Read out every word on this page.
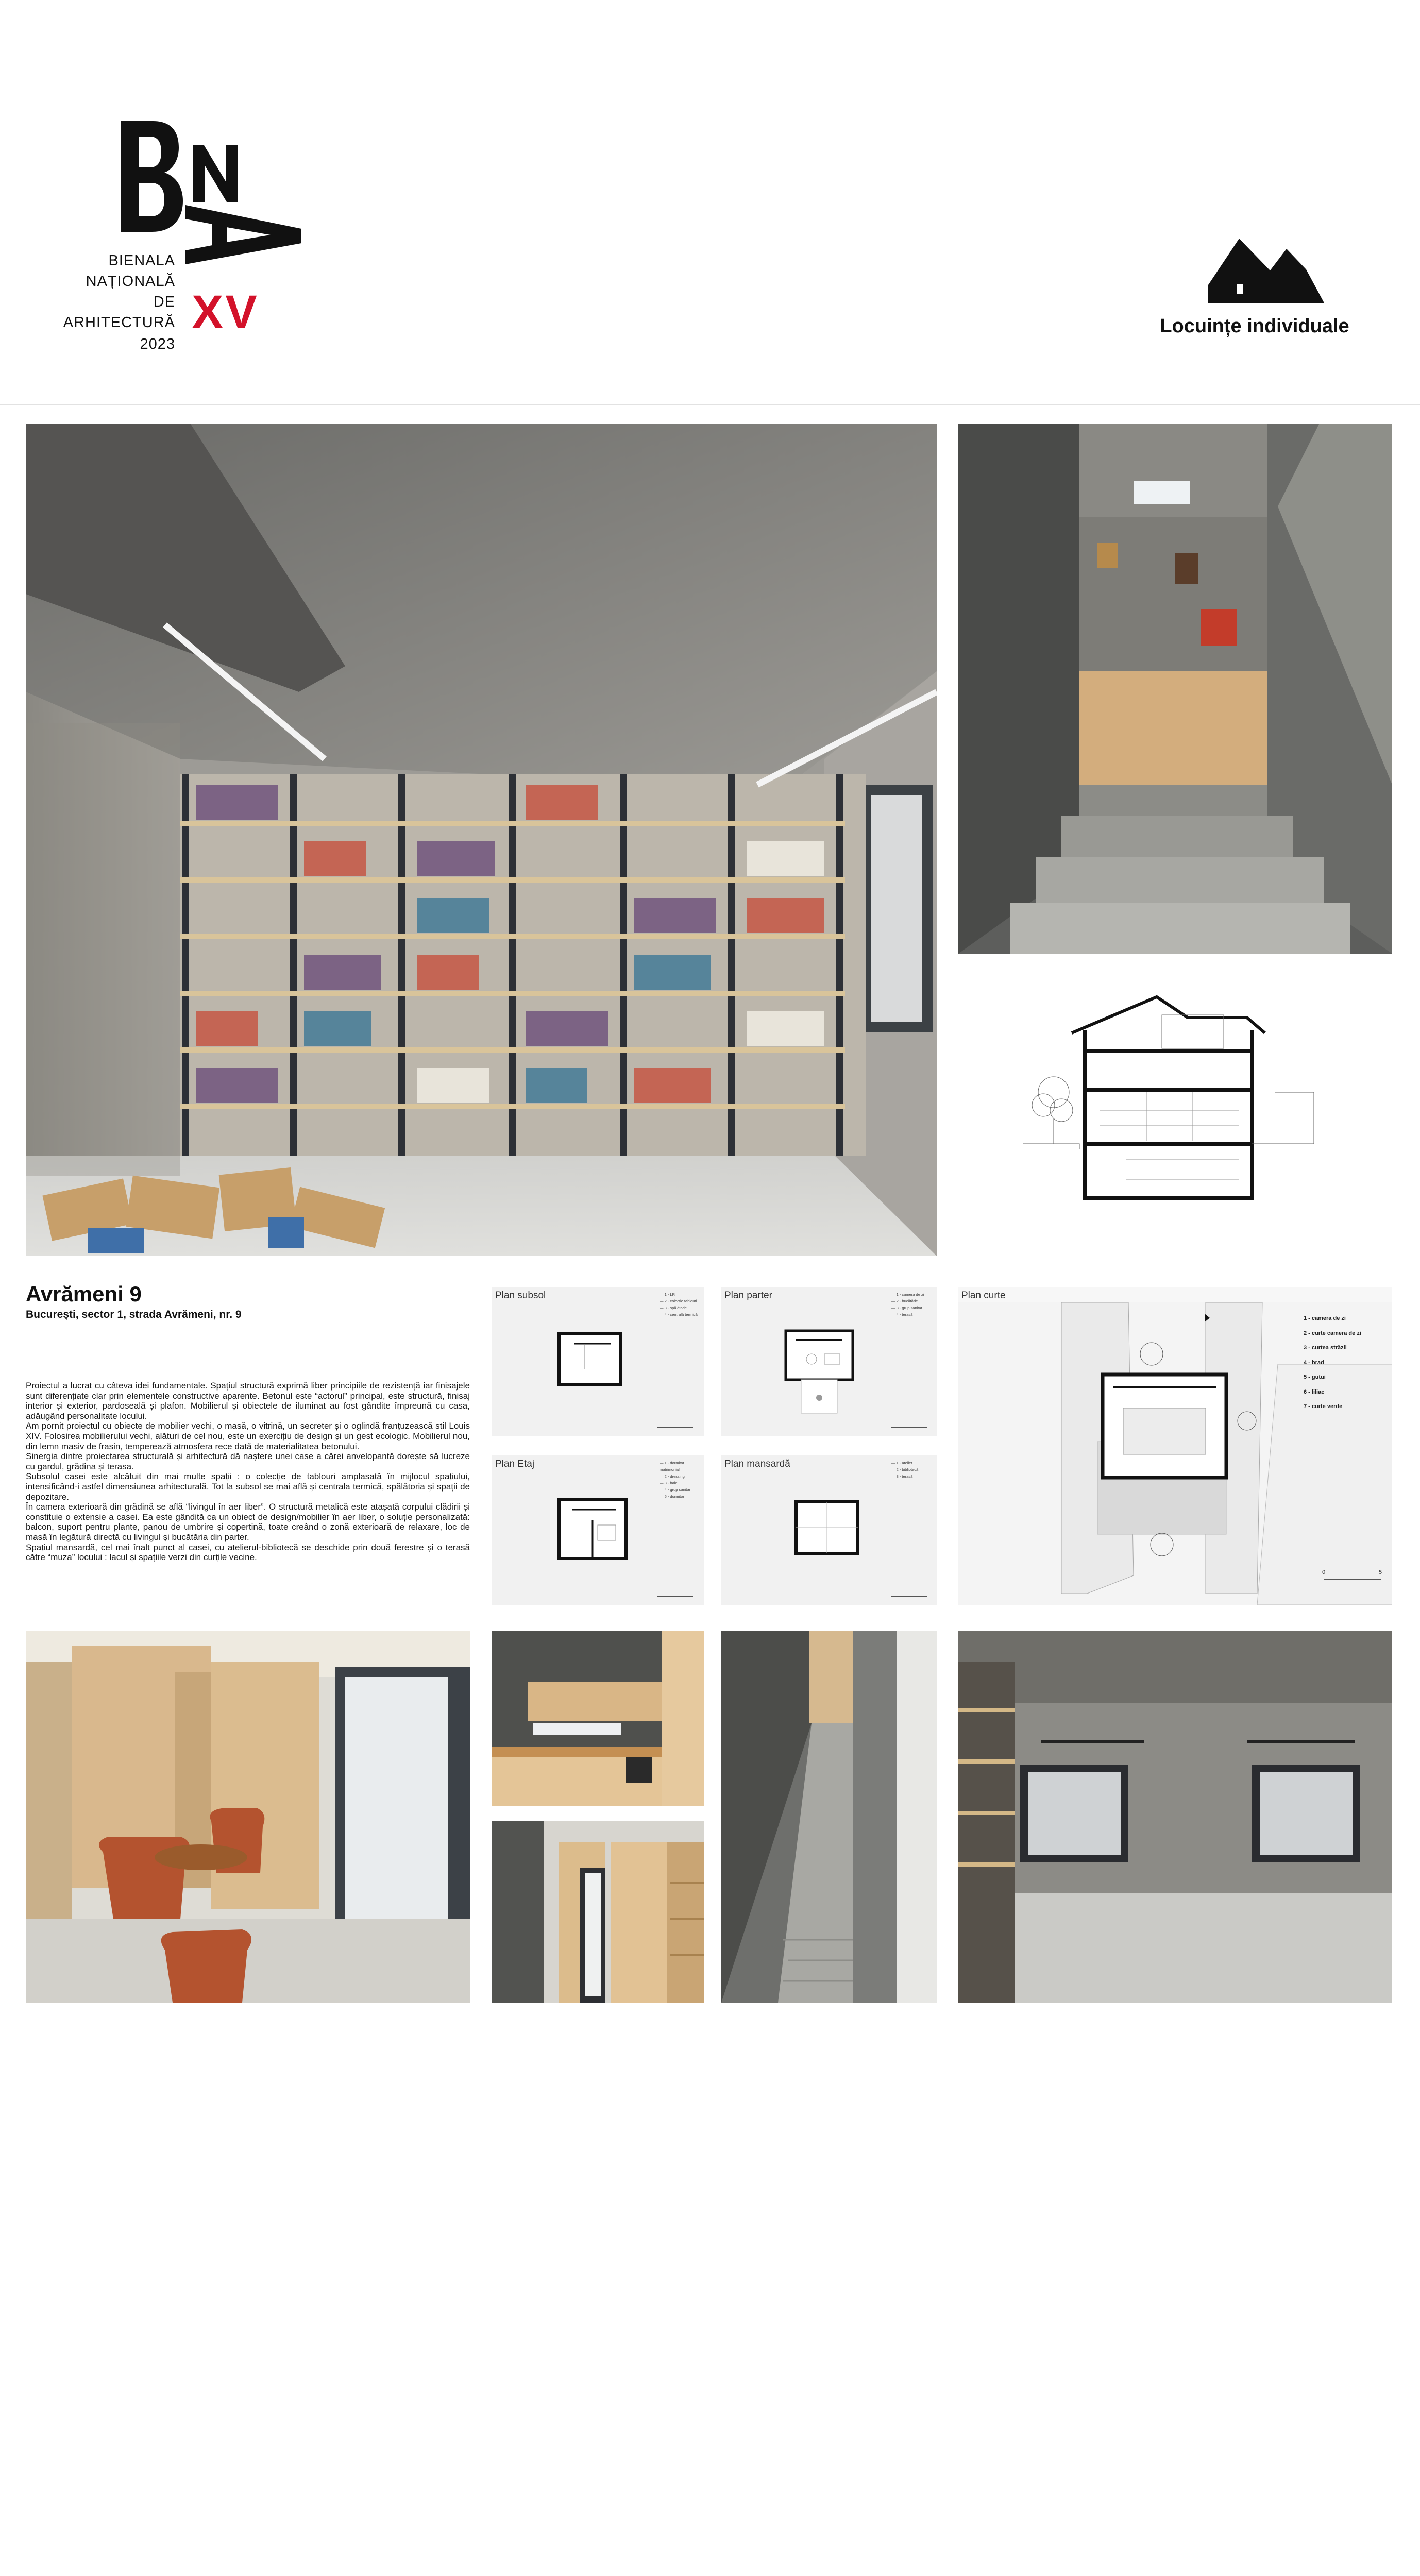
BIENALA
NAȚIONALĂ
DE
ARHITECTURĂ
2023
XV	Locuințe individuale
Avrămeni 9
București, sector 1, strada Avrămeni, nr. 9

Proiectul a lucrat cu câteva idei fundamentale. Spațiul structură exprimă liber principiile de rezistență iar finisajele sunt diferențiate clar prin elementele constructive aparente. Betonul este “actorul” principal, este structură, finisaj interior și exterior, pardoseală și plafon. Mobilierul și obiectele de iluminat au fost gândite împreună cu casa, adăugând personalitate locului.

Am pornit proiectul cu obiecte de mobilier vechi, o masă, o vitrină, un secreter și o oglindă franțuzească stil Louis XIV. Folosirea mobilierului vechi, alături de cel nou, este un exercițiu de design și un gest ecologic. Mobilierul nou, din lemn masiv de frasin, tempereazǎ atmosfera rece datǎ de materialitatea betonului.

Sinergia dintre proiectarea structurală și arhitectură dă naștere unei case a cărei anvelopantă dorește să lucreze cu gardul, grădina și terasa.

Subsolul casei este alcătuit din mai multe spații : o colecție de tablouri amplasată în mijlocul spațiului, intensificând-i astfel dimensiunea arhitecturală. Tot la subsol se mai află și centrala termică, spălătoria și spații de depozitare.

În camera exterioară din grădină se află “livingul în aer liber”. O structură metalică este atașată corpului clădirii și constituie o extensie a casei. Ea este gândită ca un obiect de design/mobilier în aer liber, o soluție personalizată: balcon, suport pentru plante, panou de umbrire și copertină, toate creând o zonă exterioară de relaxare, loc de masă în legătură directă cu livingul și bucătăria din parter.

Spațiul mansardă, cel mai înalt punct al casei, cu atelierul-bibliotecă se deschide prin două ferestre și o terasă către “muza” locului : lacul și spațiile verzi din curțile vecine.

Plan subsol	— 1 - LR
— 2 - colecție tablouri
— 3 - spălătorie
— 4 - centrală termică
Plan parter	— 1 - camera de zi
— 2 - bucătărie
— 3 - grup sanitar
— 4 - terasă
Plan Etaj	— 1 - dormitor matrimonial
— 2 - dressing
— 3 - baie
— 4 - grup sanitar
— 5 - dormitor
Plan mansardă	— 1 - atelier
— 2 - bibliotecă
— 3 - terasă
Plan curte
0	5
1 - camera de zi
2 - curte camera de zi
3 - curtea străzii
4 - brad
5 - gutui
6 - liliac
7 - curte verde
